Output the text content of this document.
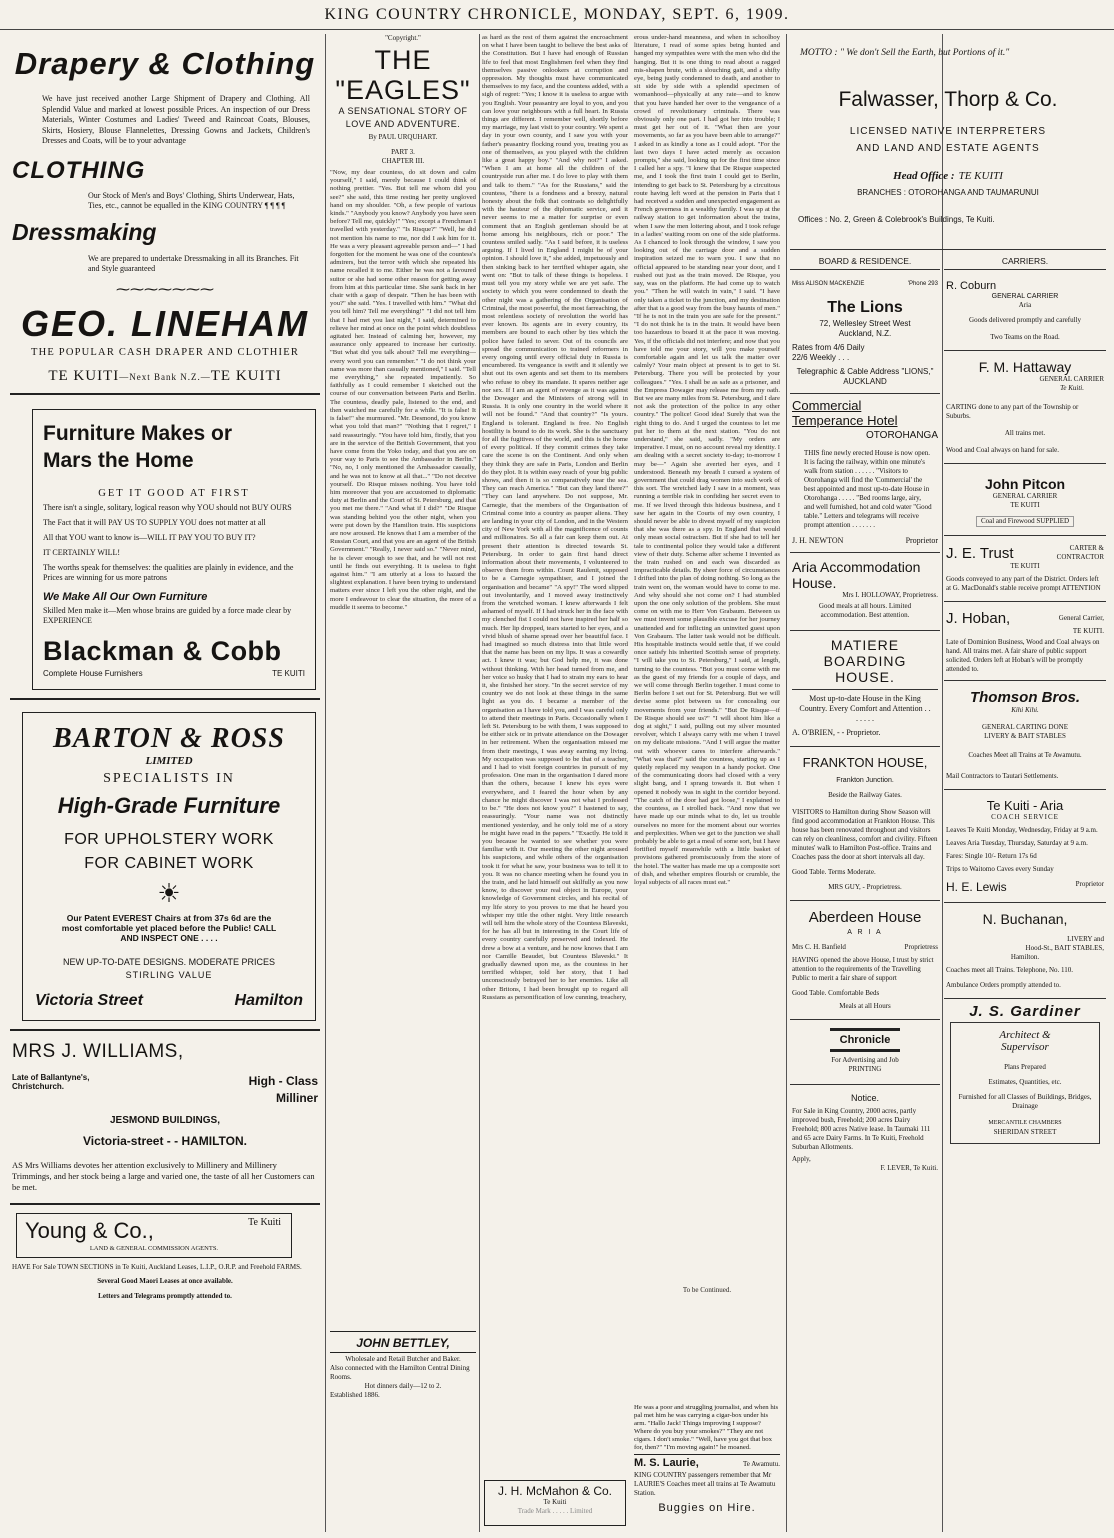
KING COUNTRY CHRONICLE, MONDAY, SEPT. 6, 1909.
Drapery & Clothing
We have just received another Large Shipment of Drapery and Clothing. All Splendid Value and marked at lowest possible Prices. An inspection of our Dress Materials, Winter Costumes and Ladies' Tweed and Raincoat Coats, Blouses, Skirts, Hosiery, Blouse Flannelettes, Dressing Gowns and Jackets, Children's Dresses and Coats, will be to your advantage
CLOTHING
Our Stock of Men's and Boys' Clothing, Shirts Underwear, Hats, Ties, etc., cannot be equalled in the KING COUNTRY ¶ ¶ ¶ ¶
Dressmaking
We are prepared to undertake Dressmaking in all its Branches. Fit and Style guaranteed
⁓⁓⁓⁓⁓⁓⁓
GEO. LINEHAM
THE POPULAR CASH DRAPER AND CLOTHIER
TE KUITI—Next Bank N.Z.—TE KUITI
Furniture Makes or Mars the Home
GET IT GOOD AT FIRST
There isn't a single, solitary, logical reason why YOU should not BUY OURS
The Fact that it will PAY US TO SUPPLY YOU does not matter at all
All that YOU want to know is—WILL IT PAY YOU TO BUY IT?
IT CERTAINLY WILL!
The worths speak for themselves: the qualities are plainly in evidence, and the Prices are winning for us more patrons
We Make All Our Own Furniture
Skilled Men make it—Men whose brains are guided by a force made clear by EXPERIENCE
Blackman & Cobb
Complete House Furnishers	TE KUITI
BARTON & ROSS
LIMITED
SPECIALISTS IN
High-Grade Furniture
FOR UPHOLSTERY WORK
FOR CABINET WORK
☀
Our Patent EVEREST Chairs at from 37s 6d are the most comfortable yet placed before the Public! CALL AND INSPECT ONE . . . .
NEW UP-TO-DATE DESIGNS. MODERATE PRICES
STIRLING VALUE
Victoria Street	Hamilton
MRS J. WILLIAMS,
Late of Ballantyne's, Christchurch.	High - Class Milliner
JESMOND BUILDINGS,
Victoria-street - - HAMILTON.
AS Mrs Williams devotes her attention exclusively to Millinery and Millinery Trimmings, and her stock being a large and varied one, the taste of all her Customers can be met.
Young & Co.,	Te Kuiti
LAND & GENERAL COMMISSION AGENTS.
HAVE For Sale TOWN SECTIONS in Te Kuiti, Auckland Leases, L.I.P., O.R.P. and Freehold FARMS.
Several Good Maori Leases at once available.
Letters and Telegrams promptly attended to.
"Copyright."
THE "EAGLES"
A SENSATIONAL STORY OF LOVE AND ADVENTURE.
By PAUL URQUHART.
PART 3.
CHAPTER III.
"Now, my dear countess, do sit down and calm yourself," I said, merely because I could think of nothing prettier. "Yes. But tell me whom did you see?" she said, this time resting her pretty ungloved hand on my shoulder. "Oh, a few people of various kinds." "Anybody you know? Anybody you have seen before? Tell me, quickly!" "Yes; except a Frenchman I travelled with yesterday." "Is Risque?" "Well, he did not mention his name to me, nor did I ask him for it. He was a very pleasant agreeable person and—" I had forgotten for the moment he was one of the countess's admirers, but the terror with which she repeated his name recalled it to me. Either he was not a favoured suitor or she had some other reason for getting away from him at this particular time. She sank back in her chair with a gasp of despair. "Then he has been with you?" she said. "Yes. I travelled with him." "What did you tell him? Tell me everything!" "I did not tell him that I had met you last night," I said, determined to relieve her mind at once on the point which doubtless agitated her. Instead of calming her, however, my assurance only appeared to increase her curiosity. "But what did you talk about? Tell me everything—every word you can remember." "I do not think your name was more than casually mentioned," I said. "Tell me everything," she repeated impatiently. So faithfully as I could remember I sketched out the course of our conversation between Paris and Berlin. The countess, deadly pale, listened to the end, and then watched me carefully for a while. "It is false! It is false!" she murmured. "Mr. Desmond, do you know what you told that man?" "Nothing that I regret," I said reassuringly. "You have told him, firstly, that you are in the service of the British Government, that you have come from the Yoko today, and that you are on your way to Paris to see the Ambassador in Berlin." "No, no, I only mentioned the Ambassador casually, and he was not to know at all that..." "Do not deceive yourself. Do Risque misses nothing. You have told him moreover that you are accustomed to diplomatic duty at Berlin and the Court of St. Petersburg, and that you met me there." "And what if I did?" "De Risque was standing behind you the other night, when you were put down by the Hamilton train. His suspicions are now aroused. He knows that I am a member of the Russian Court, and that you are an agent of the British Government." "Really, I never said so." "Never mind, he is clever enough to see that, and he will not rest until he finds out everything. It is useless to fight against him." "I am utterly at a loss to hazard the slightest explanation. I have been trying to understand matters ever since I left you the other night, and the more I endeavour to clear the situation, the more of a muddle it seems to become."
JOHN BETTLEY,
Wholesale and Retail Butcher and Baker.
Also connected with the Hamilton Central Dining Rooms.
Hot dinners daily—12 to 2.
Established 1886.
as hard as the rest of them against the encroachment on what I have been taught to believe the best asks of the Constitution. But I have had enough of Russian life to feel that most Englishmen feel when they find themselves passive onlookers at corruption and oppression. My thoughts must have communicated themselves to my face, and the countess added, with a sigh of regret: "Yes; I know it is useless to argue with you English. Your peasantry are loyal to you, and you can love your neighbours with a full heart. In Russia things are different. I remember well, shortly before my marriage, my last visit to your country. We spent a day in your own county, and I saw you with your father's peasantry flocking round you, treating you as one of themselves, as you played with the children like a great happy boy." "And why not?" I asked. "When I am at home all the children of the countryside run after me. I do love to play with them and talk to them." "As for the Russians," said the countess, "there is a fondness and a breezy, natural honesty about the folk that contrasts so delightfully with the hauteur of the diplomatic service, and it never seems to me a matter for surprise or even comment that an English gentleman should be at home among his neighbours, rich or poor." The countess smiled sadly. "As I said before, it is useless arguing. If I lived in England I might be of your opinion. I should love it," she added, impetuously and then sinking back to her terrified whisper again, she went on: "But to talk of these things is hopeless. I must tell you my story while we are yet safe. The society to which you were condemned to death the other night was a gathering of the Organisation of Criminal, the most powerful, the most farreaching, the most relentless society of revolution the world has ever known. Its agents are in every country, its members are bound to each other by ties which the police have failed to sever. Out of its councils are spread the communication to trained reformers in every ongoing until every official duty in Russia is encumbered. Its vengeance is swift and it silently we shut out its own agents and set them to its members who refuse to obey its mandate. It spares neither age nor sex. If I am an agent of revenge as it was against the Dowager and the Ministers of strong will in Russia. It is only one country in the world where it will not be found." "And that country?" "Is yours. England is tolerant. England is free. No English hostility is bound to do its work. She is the sanctuary for all the fugitives of the world, and this is the home of every political. If they commit crimes they take care the scene is on the Continent. And only when they think they are safe in Paris, London and Berlin do they plot. It is within easy reach of your big public shows, and then it is so comparatively near the sea. They can reach America." "But can they land there?" "They can land anywhere. Do not suppose, Mr. Carnegie, that the members of the Organisation of Criminal come into a country as pauper aliens. They are landing in your city of London, and in the Western city of New York with all the magnificence of counts and millionaires. So all a fair can keep them out. At present their attention is directed towards St. Petersburg. In order to gain first hand direct information about their movements, I volunteered to observe them from within. Count Raulenit, supposed to be a Carnegie sympathiser, and I joined the organisation and became" "A spy!" The word slipped out involuntarily, and I moved away instinctively from the wretched woman. I knew afterwards I felt ashamed of myself. If I had struck her in the face with my clenched fist I could not have inspired her half so much. Her lip dropped, tears started to her eyes, and a vivid blush of shame spread over her beautiful face. I had imagined so much distress into that little word that the name has been on my lips. It was a cowardly act. I knew it was; but God help me, it was done without thinking. With her head turned from me, and her voice so husky that I had to strain my ears to hear it, she finished her story. "In the secret service of my country we do not look at these things in the same light as you do. I became a member of the organisation as I have told you, and I was careful only to attend their meetings in Paris. Occasionally when I left St. Petersburg to be with them, I was supposed to be either sick or in private attendance on the Dowager in her retirement. When the organisation missed me from their meetings, I was away earning my living. My occupation was supposed to be that of a teacher, and I had to visit foreign countries in pursuit of my profession. One man in the organisation I dared more than the others, because I knew his eyes were everywhere, and I feared the hour when by any chance he might discover I was not what I professed to be." "He does not know you?" I hastened to say, reassuringly. "Your name was not distinctly mentioned yesterday, and he only told me of a story he might have read in the papers." "Exactly. He told it you because he wanted to see whether you were familiar with it. Our meeting the other night aroused his suspicions, and while others of the organisation took it for what he saw, your business was to tell it to you. It was no chance meeting when he found you in the train, and he laid himself out skilfully as you now know, to discover your real object in Europe, your knowledge of Government circles, and his recital of my life story to you proves to me that he heard you whisper my title the other night. Very little research will tell him the whole story of the Countess Blaveski, for he has all but in interesting in the Court life of every country carefully preserved and indexed. He drew a bow at a venture, and he now knows that I am nor Camille Beaudet, but Countess Blaveski." It gradually dawned upon me, as the countess in her terrified whisper, told her story, that I had unconsciously betrayed her to her enemies. Like all other Britons, I had been brought up to regard all Russians as personification of low cunning, treachery,
erous under-hand meanness, and when in schoolboy literature, I read of some spies being hunted and hanged my sympathies were with the men who did the hanging. But it is one thing to read about a ragged mis-shapen brute, with a slouching gait, and a shifty eye, being justly condemned to death, and another to sit side by side with a splendid specimen of womanhood—physically at any rate—and to know that you have handed her over to the vengeance of a crowd of revolutionary criminals. There was obviously only one part. I had got her into trouble; I must get her out of it. "What then are your movements, so far as you have been able to arrange?" I asked in as kindly a tone as I could adopt. "For the last two days I have acted merely as occasion prompts," she said, looking up for the first time since I called her a spy. "I knew that De Risque suspected me, and I took the first train I could get to Berlin, intending to get back to St. Petersburg by a circuitous route having left word at the pension in Paris that I had received a sudden and unexpected engagement as French governess in a wealthy family. I was up at the railway station to get information about the trains, when I saw the men loitering about, and I took refuge in a ladies' waiting room on one of the side platforms. As I chanced to look through the window, I saw you looking out of the carriage door and a sudden inspiration seized me to warn you. I saw that no official appeared to be standing near your door, and I rushed out just as the train moved. De Risque, you say, was on the platform. He had come up to watch you." "Then he will watch in vain," I said. "I have only taken a ticket to the junction, and my destination after that is a good way from the busy haunts of men." "If he is not in the train you are safe for the present." "I do not think he is in the train. It would have been too hazardous to board it at the pace it was moving. Yes, if the officials did not interfere; and now that you have told me your story, will you make yourself comfortable again and let us talk the matter over calmly? Your main object at present is to get to St. Petersburg. There you will be protected by your colleagues." "Yes. I shall be as safe as a prisoner, and the Empress Dowager may release me from my oath. But we are many miles from St. Petersburg, and I dare not ask the protection of the police in any other country." The police! Good idea! Surely that was the right thing to do. And I urged the countess to let me put her to them at the next station. "You do not understand," she said, sadly. "My orders are imperative. I must, on no account reveal my identity. I am dealing with a secret society to-day; to-morrow I may be—" Again she averted her eyes, and I understood. Beneath my breath I cursed a system of government that could drag women into such work of this sort. The wretched lady I saw in a moment, was running a terrible risk in confiding her secret even to me. If we lived through this hideous business, and I saw her again in the Courts of my own country, I should never be able to divest myself of my suspicion that she was there as a spy. In England that would only mean social ostracism. But if she had to tell her tale to continental police they would take a different view of their duty. Scheme after scheme I invented as the train rushed on and each was discarded as impracticable details. By sheer force of circumstances I drifted into the plan of doing nothing. So long as the train went on, the woman would have to come to me. And why should she not come on? I had stumbled upon the one only solution of the problem. She must come on with me to Herr Von Grabaum. Between us we must invent some plausible excuse for her journey unattended and for inflicting an uninvited guest upon Von Grabaum. The latter task would not be difficult. His hospitable instincts would settle that, if we could once satisfy his inherited Scottish sense of propriety. "I will take you to St. Petersburg," I said, at length, turning to the countess. "But you must come with me as the guest of my friends for a couple of days, and we will come through Berlin together. I must come to Berlin before I set out for St. Petersburg. But we will devise some plot between us for concealing our movements from your friends." "But De Risque—if De Risque should see us?" "I will shoot him like a dog at sight," I said, pulling out my silver mounted revolver, which I always carry with me when I travel on my delicate missions. "And I will argue the matter out with whoever cares to interfere afterwards." "What was that?" said the countess, starting up as I quietly replaced my weapon in a handy pocket. One of the communicating doors had closed with a very slight bang, and I sprang towards it. But when I opened it nobody was in sight in the corridor beyond. "The catch of the door had got loose," I explained to the countess, as I strolled back. "And now that we have made up our minds what to do, let us trouble ourselves no more for the moment about our worries and perplexities. When we get to the junction we shall probably be able to get a meal of some sort, but I have fortified myself meanwhile with a little basket of provisions gathered promiscuously from the store of the hotel. The waiter has made me up a composite sort of dish, and whether empires flourish or crumble, the loyal subjects of all races must eat."
To be Continued.
He was a poor and struggling journalist, and when his pal met him he was carrying a cigar-box under his arm. "Hallo Jack! Things improving I suppose? Where do you buy your smokes?" "They are not cigars. I don't smoke." "Well, have you got that box for, then?" "I'm moving again!" he moaned.
J. H. McMahon & Co.
Te Kuiti
Trade Mark . . . . . Limited
M. S. Laurie,	Te Awamutu.
KING COUNTRY passengers remember that Mr LAURIE'S Coaches meet all trains at Te Awamutu Station.
Buggies on Hire.
MOTTO : " We don't Sell the Earth, but Portions of it."
Falwasser, Thorp & Co.
LICENSED NATIVE INTERPRETERS
AND LAND AND ESTATE AGENTS
Head Office : TE KUITI
BRANCHES : OTOROHANGA AND TAUMARUNUI
Offices : No. 2, Green & Colebrook's Buildings, Te Kuiti.
BOARD & RESIDENCE.	CARRIERS.
Miss ALISON MACKENZIE	'Phone 293
The Lions
72, Wellesley Street West Auckland, N.Z.
Rates from 4/6 Daily 22/6 Weekly . . .
Telegraphic & Cable Address "LIONS," AUCKLAND
Commercial
Temperance Hotel
OTOROHANGA
THIS fine newly erected House is now open. It is facing the railway, within one minute's walk from station . . . . . . "Visitors to Otorohanga will find the 'Commercial' the best appointed and most up-to-date House in Otorohanga . . . . . "Bed rooms large, airy, and well furnished, hot and cold water "Good table." Letters and telegrams will receive prompt attention . . . . . . .
J. H. NEWTON	Proprietor
Aria Accommodation House.
Mrs I. HOLLOWAY, Proprietress.
Good meals at all hours. Limited accommodation. Best attention.
MATIERE
BOARDING HOUSE.
Most up-to-date House in the King Country. Every Comfort and Attention . . . . . . .
A. O'BRIEN, - - Proprietor.
FRANKTON HOUSE,
Frankton Junction.
Beside the Railway Gates.
VISITORS to Hamilton during Show Season will find good accommodation at Frankton House. This house has been renovated throughout and visitors can rely on cleanliness, comfort and civility. Fifteen minutes' walk to Hamilton Post-office. Trains and Coaches pass the door at short intervals all day.
Good Table. Terms Moderate.
MRS GUY, - Proprietress.
Aberdeen House
A R I A
Mrs C. H. Banfield	Proprietress
HAVING opened the above House, I trust by strict attention to the requirements of the Travelling Public to merit a fair share of support
Good Table. Comfortable Beds
Meals at all Hours
Chronicle
For Advertising and Job
PRINTING
Notice.
For Sale in King Country, 2000 acres, partly improved bush, Freehold; 200 acres Dairy Freehold; 800 acres Native lease. In Taumaki 111 and 65 acre Dairy Farms. In Te Kuiti, Freehold Suburban Allotments.
Apply,
F. LEVER, Te Kuiti.
R. Coburn
GENERAL CARRIER
Aria
Goods delivered promptly and carefully
Two Teams on the Road.
F. M. Hattaway
GENERAL CARRIER
Te Kuiti.
CARTING done to any part of the Township or Suburbs.
All trains met.
Wood and Coal always on hand for sale.
John Pitcon
GENERAL CARRIER
TE KUITI
Coal and Firewood SUPPLIED
J. E. Trust	CARTER & CONTRACTOR
TE KUITI
Goods conveyed to any part of the District. Orders left at G. MacDonald's stable receive prompt ATTENTION
J. Hoban,	General Carrier,
TE KUITI.
Late of Dominion Business, Wood and Coal always on hand. All trains met. A fair share of public support solicited. Orders left at Hoban's will be promptly attended to.
Thomson Bros.
Kihi Kihi.
GENERAL CARTING DONE
LIVERY & BAIT STABLES
Coaches Meet all Trains at Te Awamutu.
Mail Contractors to Tautari Settlements.
Te Kuiti - Aria
COACH SERVICE
Leaves Te Kuiti Monday, Wednesday, Friday at 9 a.m.
Leaves Aria Tuesday, Thursday, Saturday at 9 a.m.
Fares: Single 10/- Return 17s 6d
Trips to Waitomo Caves every Sunday
H. E. Lewis	Proprietor
N. Buchanan,
LIVERY and
Hood-St., BAIT STABLES,
Hamilton.
Coaches meet all Trains. Telephone, No. 110.
Ambulance Orders promptly attended to.
J. S. Gardiner
Architect &
Supervisor
Plans Prepared
Estimates, Quantities, etc.
Furnished for all Classes of Buildings, Bridges, Drainage
MERCANTILE CHAMBERS
SHERIDAN STREET
